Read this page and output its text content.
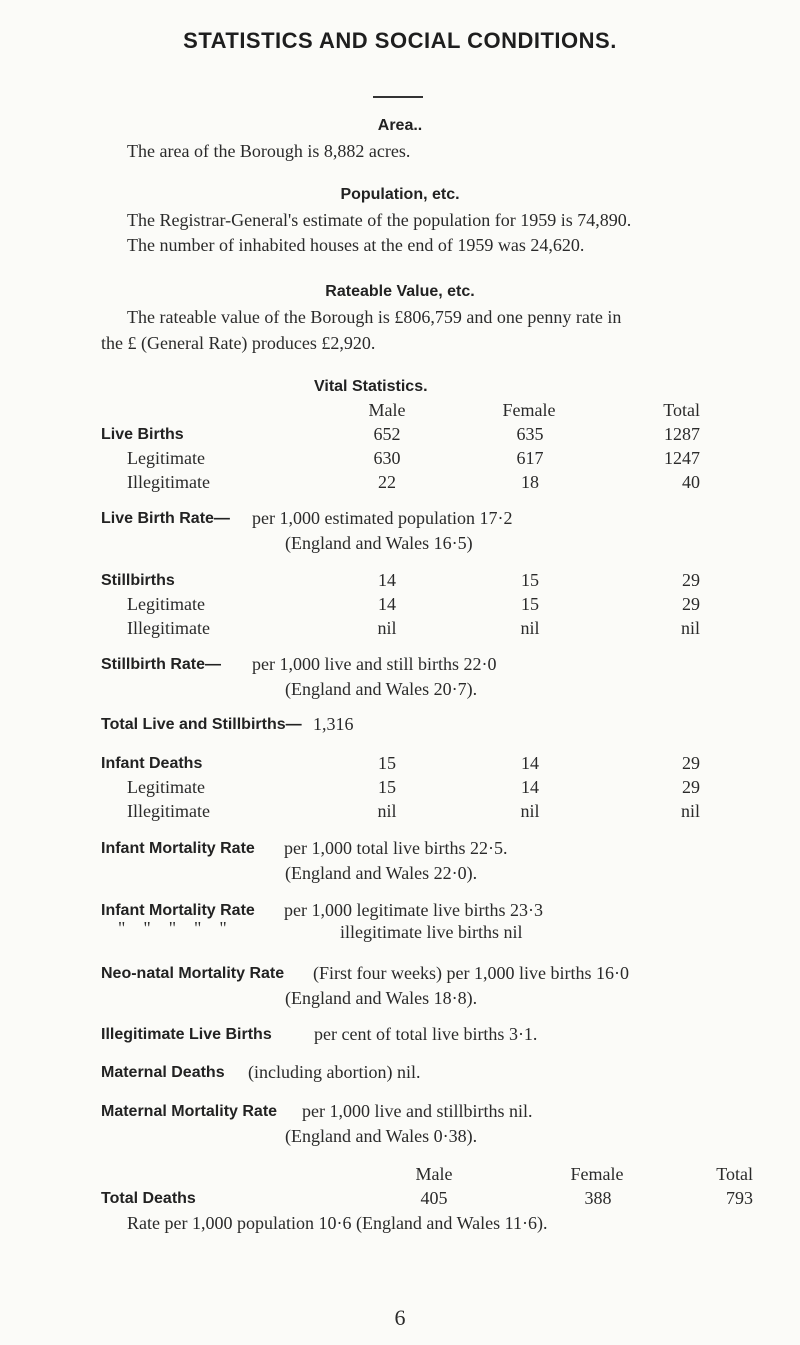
STATISTICS AND SOCIAL CONDITIONS.
Area..
The area of the Borough is 8,882 acres.
Population, etc.
The Registrar-General's estimate of the population for 1959 is 74,890.
The number of inhabited houses at the end of 1959 was 24,620.
Rateable Value, etc.
The rateable value of the Borough is £806,759 and one penny rate in
the £ (General Rate) produces £2,920.
Vital Statistics.
Male	Female	Total
Live Births	652	635	1287
Legitimate	630	617	1247
Illegitimate	22	18	40
Live Birth Rate— per 1,000 estimated population 17·2
(England and Wales 16·5)
Stillbirths	14	15	29
Legitimate	14	15	29
Illegitimate	nil	nil	nil
Stillbirth Rate— per 1,000 live and still births 22·0
(England and Wales 20·7).
Total Live and Stillbirths— 1,316
Infant Deaths	15	14	29
Legitimate	15	14	29
Illegitimate	nil	nil	nil
Infant Mortality Rate per 1,000 total live births 22·5.
(England and Wales 22·0).
Infant Mortality Rate per 1,000 legitimate live births 23·3
"    "    "    "    "	illegitimate live births nil
Neo-natal Mortality Rate (First four weeks) per 1,000 live births 16·0
(England and Wales 18·8).
Illegitimate Live Births per cent of total live births 3·1.
Maternal Deaths (including abortion) nil.
Maternal Mortality Rate per 1,000 live and stillbirths nil.
(England and Wales 0·38).
Male	Female	Total
Total Deaths	405	388	793
Rate per 1,000 population 10·6 (England and Wales 11·6).
6
